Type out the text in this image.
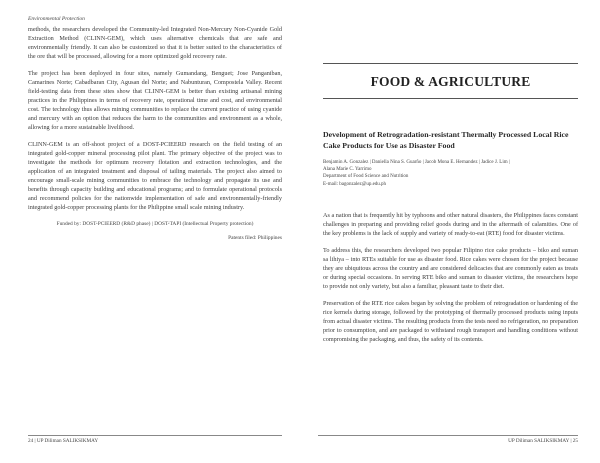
Environmental Protection

methods, the researchers developed the Community-led Integrated Non-Mercury Non-Cyanide Gold Extraction Method (CLINN-GEM), which uses alternative chemicals that are safe and environmentally friendly. It can also be customized so that it is better suited to the characteristics of the ore that will be processed, allowing for a more optimized gold recovery rate.

The project has been deployed in four sites, namely Gumandang, Benguet; Jose Panganiban, Camarines Norte; Cabadbaran City, Agusan del Norte; and Nabunturan, Compostela Valley. Recent field-testing data from these sites show that CLINN-GEM is better than existing artisanal mining practices in the Philippines in terms of recovery rate, operational time and cost, and environmental cost. The technology thus allows mining communities to replace the current practice of using cyanide and mercury with an option that reduces the harm to the communities and environment as a whole, allowing for a more sustainable livelihood.

CLINN-GEM is an off-shoot project of a DOST-PCIEERD research on the field testing of an integrated gold-copper mineral processing pilot plant. The primary objective of the project was to investigate the methods for optimum recovery flotation and extraction technologies, and the application of an integrated treatment and disposal of tailing materials. The project also aimed to encourage small-scale mining communities to embrace the technology and propagate its use and benefits through capacity building and educational programs; and to formulate operational protocols and recommend policies for the nationwide implementation of safe and environmentally-friendly integrated gold-copper processing plants for the Philippine small scale mining industry.

Funded by: DOST-PCIEERD (R&D phase) | DOST-TAPI (Intellectual Property protection)

Patents filed: Philippines

24 | UP Diliman SALIKSIKMAY
FOOD & AGRICULTURE

Development of Retrogradation-resistant Thermally Processed Local Rice Cake Products for Use as Disaster Food

Benjamin A. Gonzalez | Daniella Nina S. Guarño | Jacob Mona E. Hernandez | Jadice J. Lim |
Alana Marie C. Yarrimo
Department of Food Science and Nutrition
E-mail: bagonzalez@up.edu.ph

As a nation that is frequently hit by typhoons and other natural disasters, the Philippines faces constant challenges in preparing and providing relief goods during and in the aftermath of calamities. One of the key problems is the lack of supply and variety of ready-to-eat (RTE) food for disaster victims.

To address this, the researchers developed two popular Filipino rice cake products – biko and suman sa lihiya – into RTEs suitable for use as disaster food. Rice cakes were chosen for the project because they are ubiquitous across the country and are considered delicacies that are commonly eaten as treats or during special occasions. In serving RTE biko and suman to disaster victims, the researchers hope to provide not only variety, but also a familiar, pleasant taste to their diet.

Preservation of the RTE rice cakes began by solving the problem of retrogradation or hardening of the rice kernels during storage, followed by the prototyping of thermally processed products using inputs from actual disaster victims. The resulting products from the tests need no refrigeration, no preparation prior to consumption, and are packaged to withstand rough transport and handling conditions without compromising the packaging, and thus, the safety of its contents.

UP Diliman SALIKSIKMAY | 25
